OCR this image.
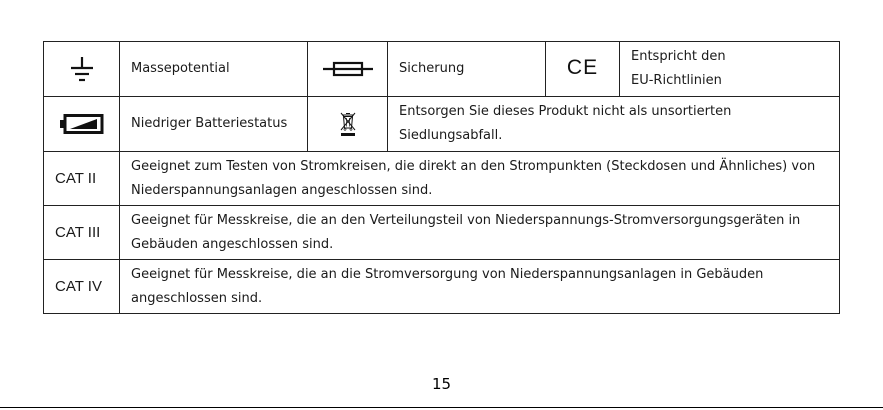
	Massepotential		Sicherung	CE	Entspricht den
EU-Richtlinien

	Niedriger Batteriestatus		Entsorgen Sie dieses Produkt nicht als unsortierten
Siedlungsabfall.		

CAT II	Geeignet zum Testen von Stromkreisen, die direkt an den Strompunkten (Steckdosen und Ähnliches) von
Niederspannungsanlagen angeschlossen sind.				

CAT III	Geeignet für Messkreise, die an den Verteilungsteil von Niederspannungs-Stromversorgungsgeräten in
Gebäuden angeschlossen sind.				

CAT IV	Geeignet für Messkreise, die an die Stromversorgung von Niederspannungsanlagen in Gebäuden
angeschlossen sind.				
15
